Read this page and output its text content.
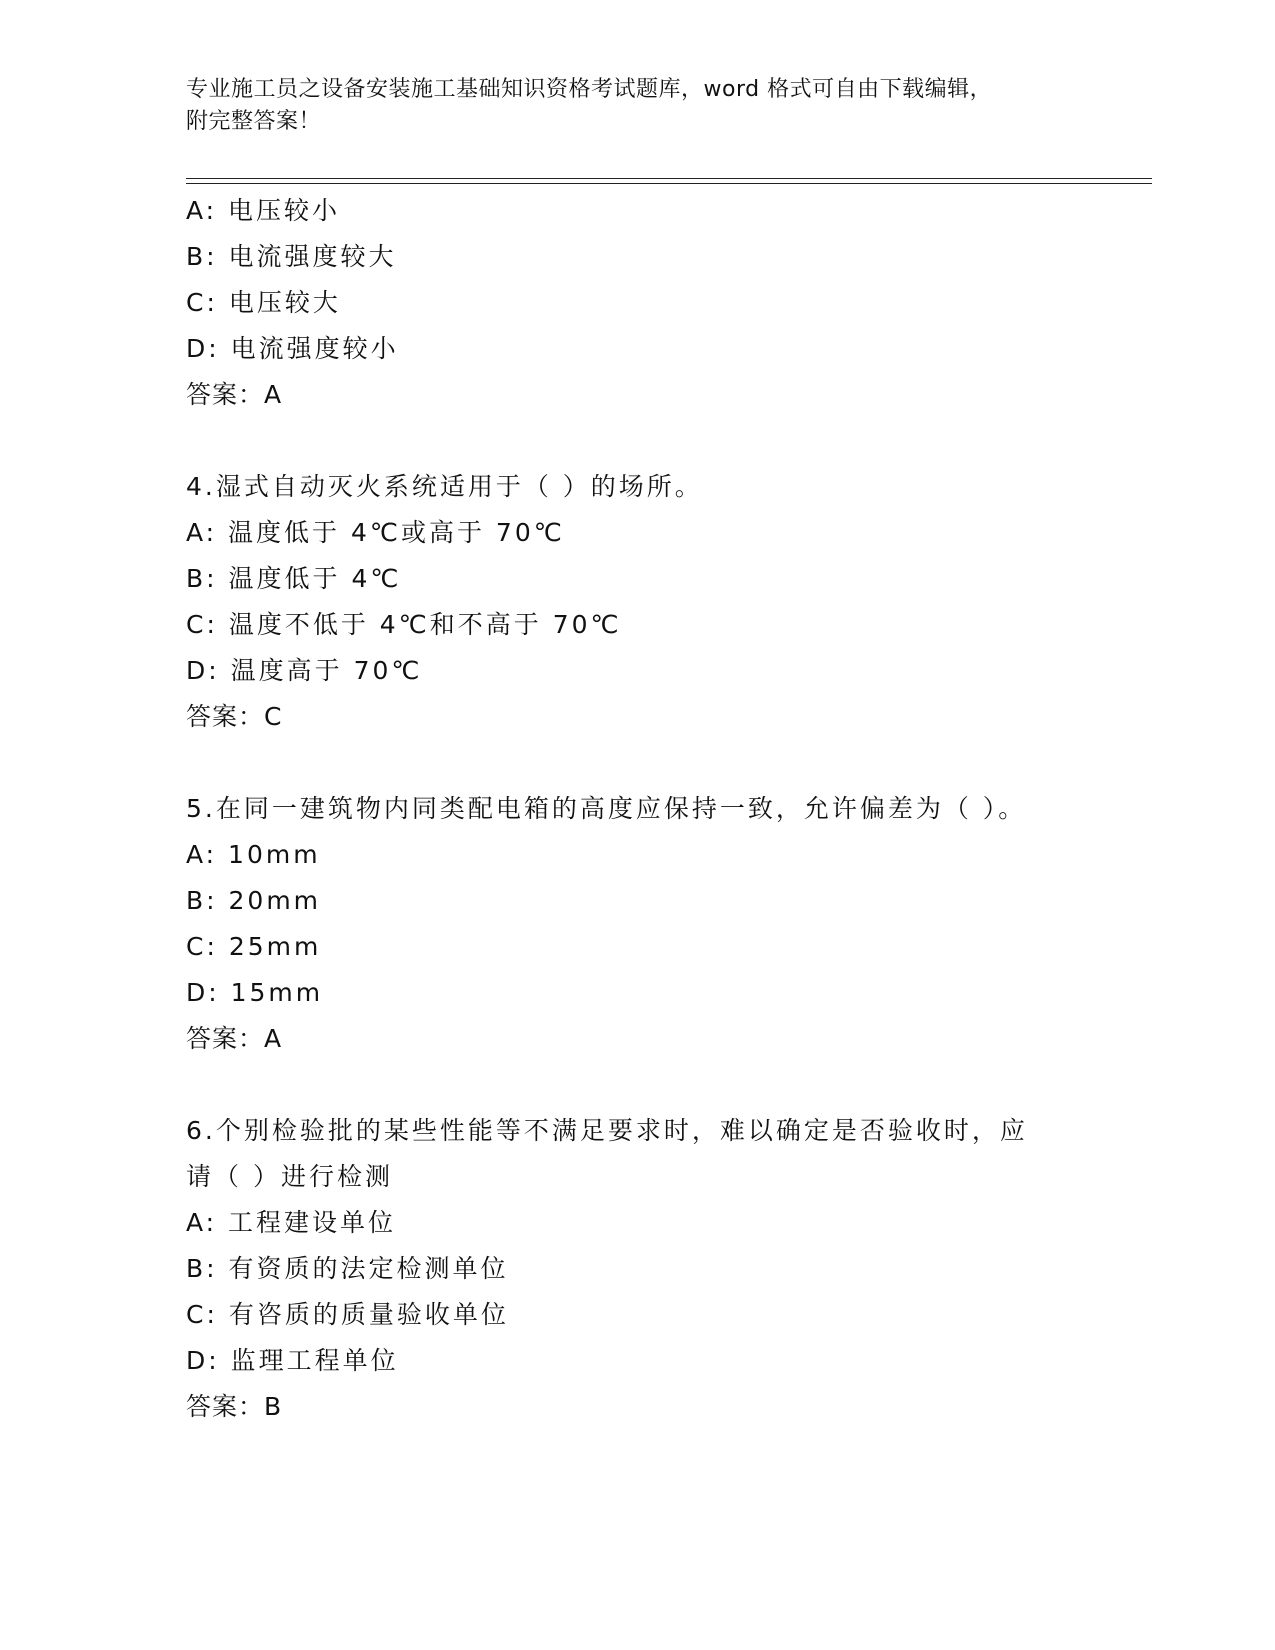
专业施工员之设备安装施工基础知识资格考试题库，word 格式可自由下载编辑，
附完整答案！
A: 电压较小
B: 电流强度较大
C: 电压较大
D: 电流强度较小
答案：A
4.湿式自动灭火系统适用于（ ）的场所。
A: 温度低于 4℃或高于 70℃
B: 温度低于 4℃
C: 温度不低于 4℃和不高于 70℃
D: 温度高于 70℃
答案：C
5.在同一建筑物内同类配电箱的高度应保持一致，允许偏差为（ ）。
A: 10mm
B: 20mm
C: 25mm
D: 15mm
答案：A
6.个别检验批的某些性能等不满足要求时，难以确定是否验收时，应
请（ ）进行检测
A: 工程建设单位
B: 有资质的法定检测单位
C: 有咨质的质量验收单位
D: 监理工程单位
答案：B
